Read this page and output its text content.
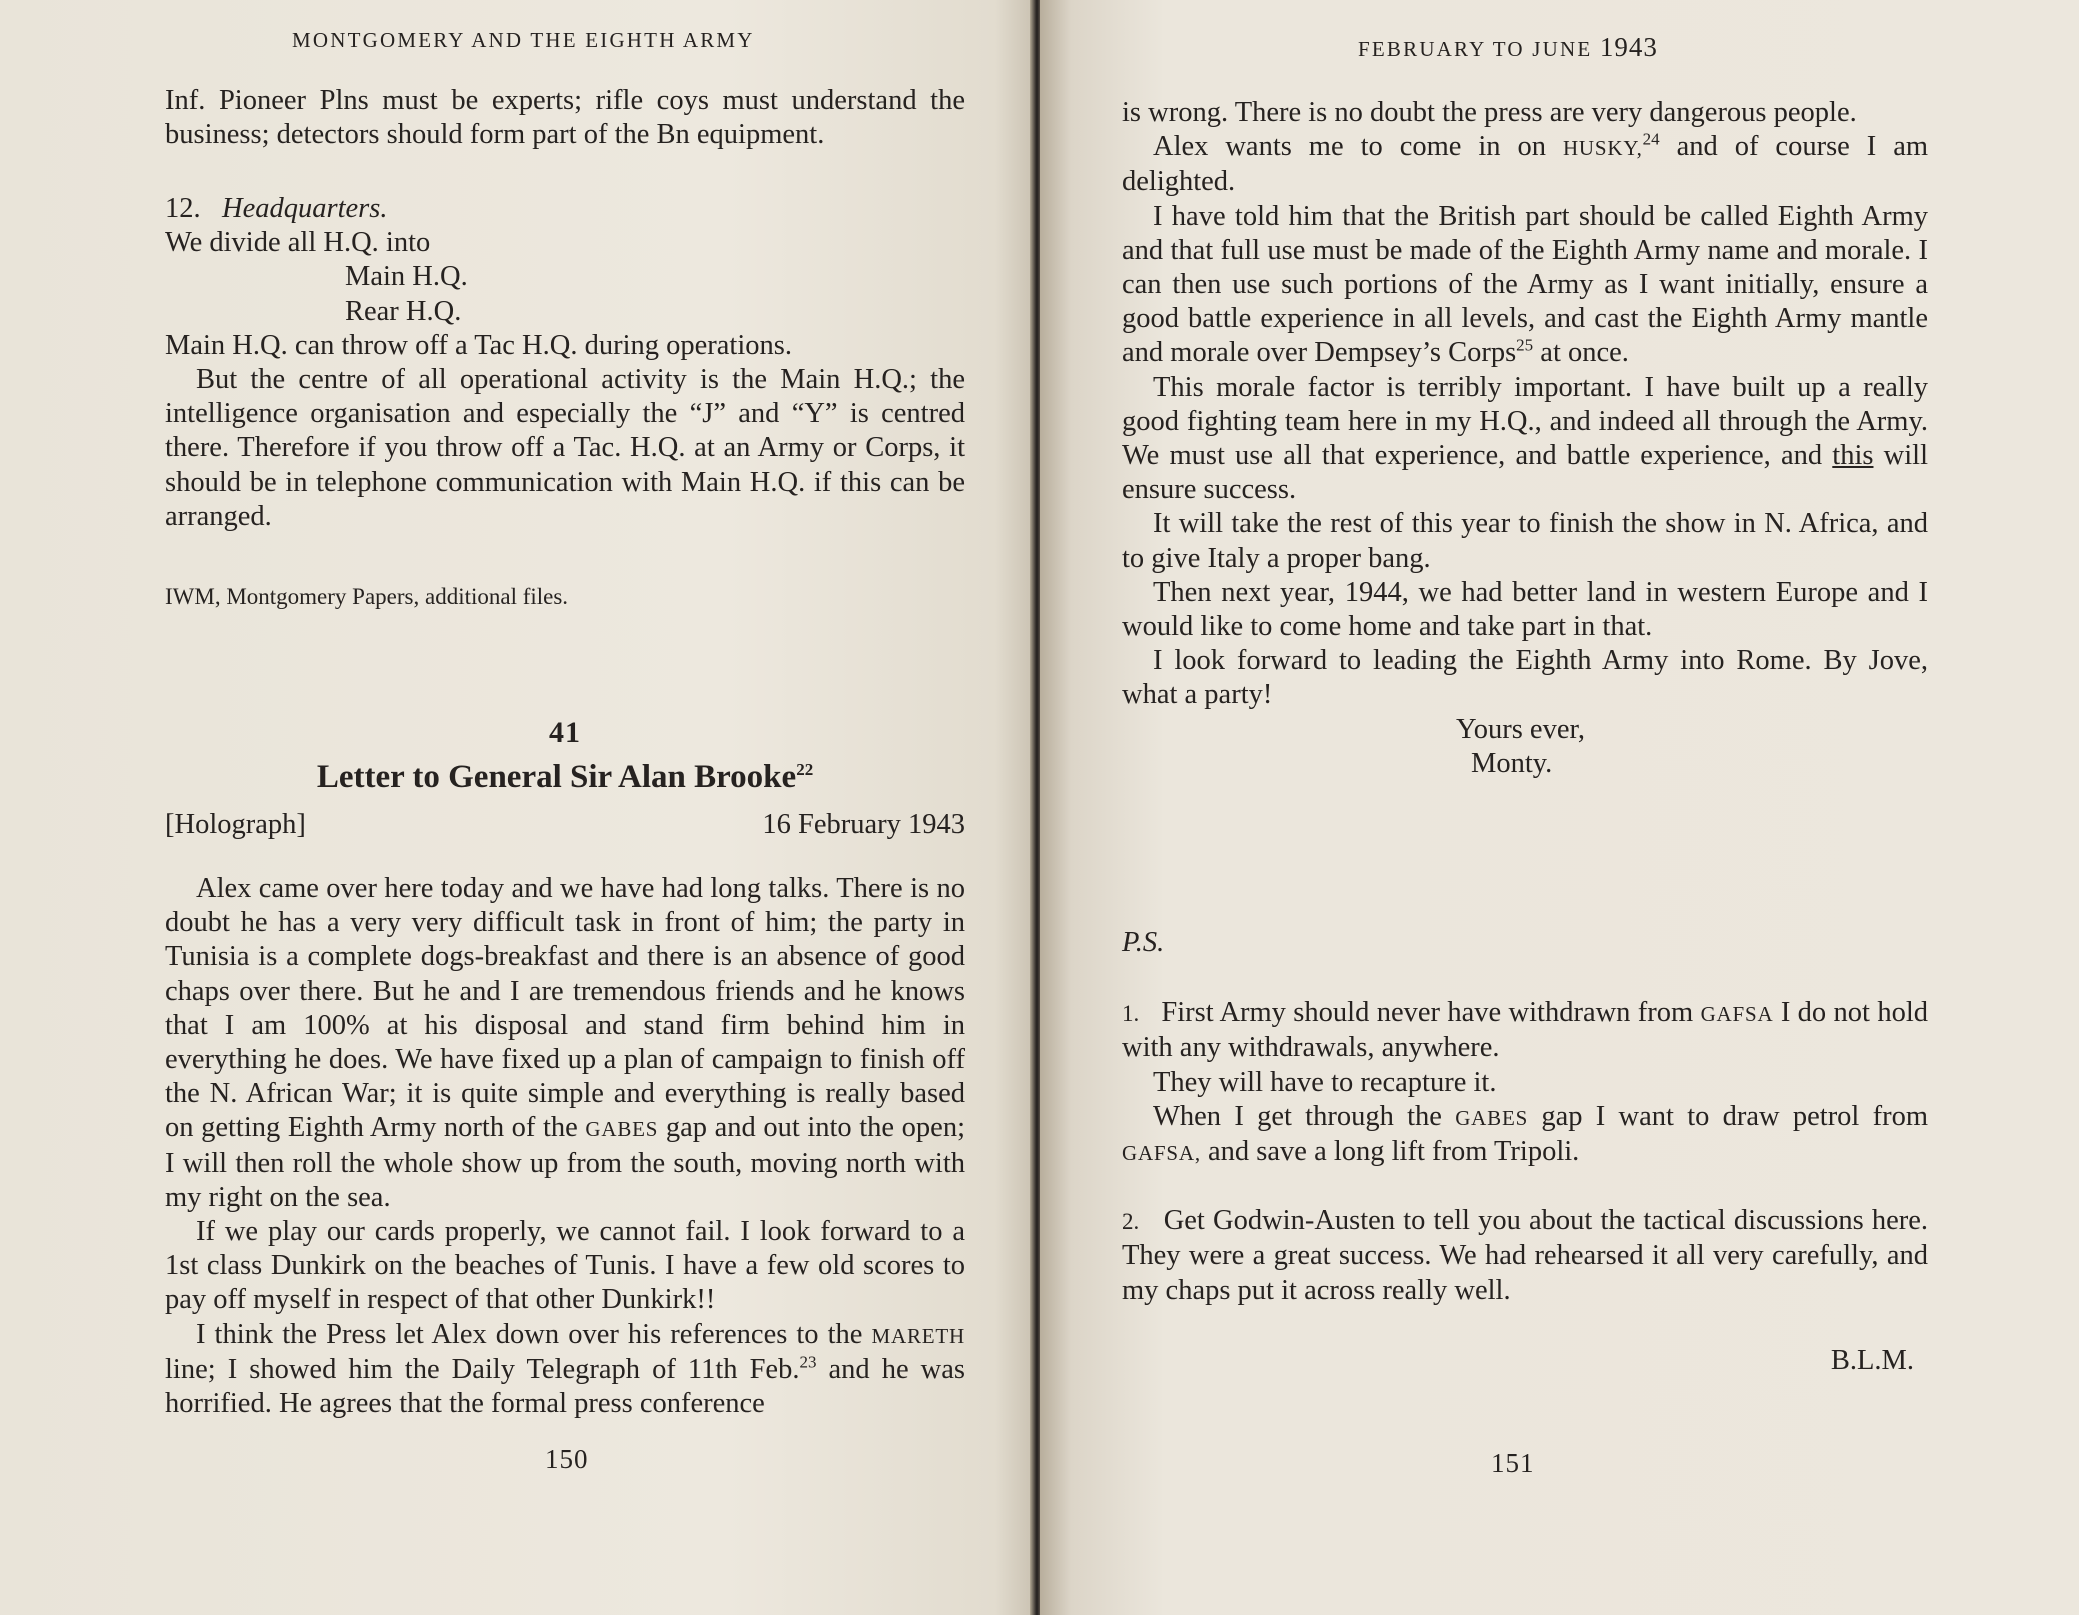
MONTGOMERY AND THE EIGHTH ARMY

Inf. Pioneer Plns must be experts; rifle coys must understand the business; detectors should form part of the Bn equipment.

12. Headquarters.
We divide all H.Q. into
Main H.Q.
Rear H.Q.
Main H.Q. can throw off a Tac H.Q. during operations.

But the centre of all operational activity is the Main H.Q.; the intelligence organisation and especially the “J” and “Y” is centred there. Therefore if you throw off a Tac. H.Q. at an Army or Corps, it should be in telephone communication with Main H.Q. if this can be arranged.

IWM, Montgomery Papers, additional files.
41
Letter to General Sir Alan Brooke$^{22}$
[Holograph]	16 February 1943

Alex came over here today and we have had long talks. There is no doubt he has a very very difficult task in front of him; the party in Tunisia is a complete dogs-breakfast and there is an absence of good chaps over there. But he and I are tremendous friends and he knows that I am 100% at his disposal and stand firm behind him in everything he does. We have fixed up a plan of campaign to finish off the N. African War; it is quite simple and everything is really based on getting Eighth Army north of the GABES gap and out into the open; I will then roll the whole show up from the south, moving north with my right on the sea.

If we play our cards properly, we cannot fail. I look forward to a 1st class Dunkirk on the beaches of Tunis. I have a few old scores to pay off myself in respect of that other Dunkirk!!

I think the Press let Alex down over his references to the MARETH line; I showed him the Daily Telegraph of 11th Feb.$^{23}$ and he was horrified. He agrees that the formal press conference

150
FEBRUARY TO JUNE 1943

is wrong. There is no doubt the press are very dangerous people.

Alex wants me to come in on HUSKY,$^{24}$ and of course I am delighted.

I have told him that the British part should be called Eighth Army and that full use must be made of the Eighth Army name and morale. I can then use such portions of the Army as I want initially, ensure a good battle experience in all levels, and cast the Eighth Army mantle and morale over Dempsey’s Corps$^{25}$ at once.

This morale factor is terribly important. I have built up a really good fighting team here in my H.Q., and indeed all through the Army. We must use all that experience, and battle experience, and this will ensure success.

It will take the rest of this year to finish the show in N. Africa, and to give Italy a proper bang.

Then next year, 1944, we had better land in western Europe and I would like to come home and take part in that.

I look forward to leading the Eighth Army into Rome. By Jove, what a party!

Yours ever,
Monty.
P.S.

1. First Army should never have withdrawn from GAFSA I do not hold with any withdrawals, anywhere.

They will have to recapture it.

When I get through the GABES gap I want to draw petrol from GAFSA, and save a long lift from Tripoli.

2. Get Godwin-Austen to tell you about the tactical discussions here. They were a great success. We had rehearsed it all very carefully, and my chaps put it across really well.

B.L.M.
151
